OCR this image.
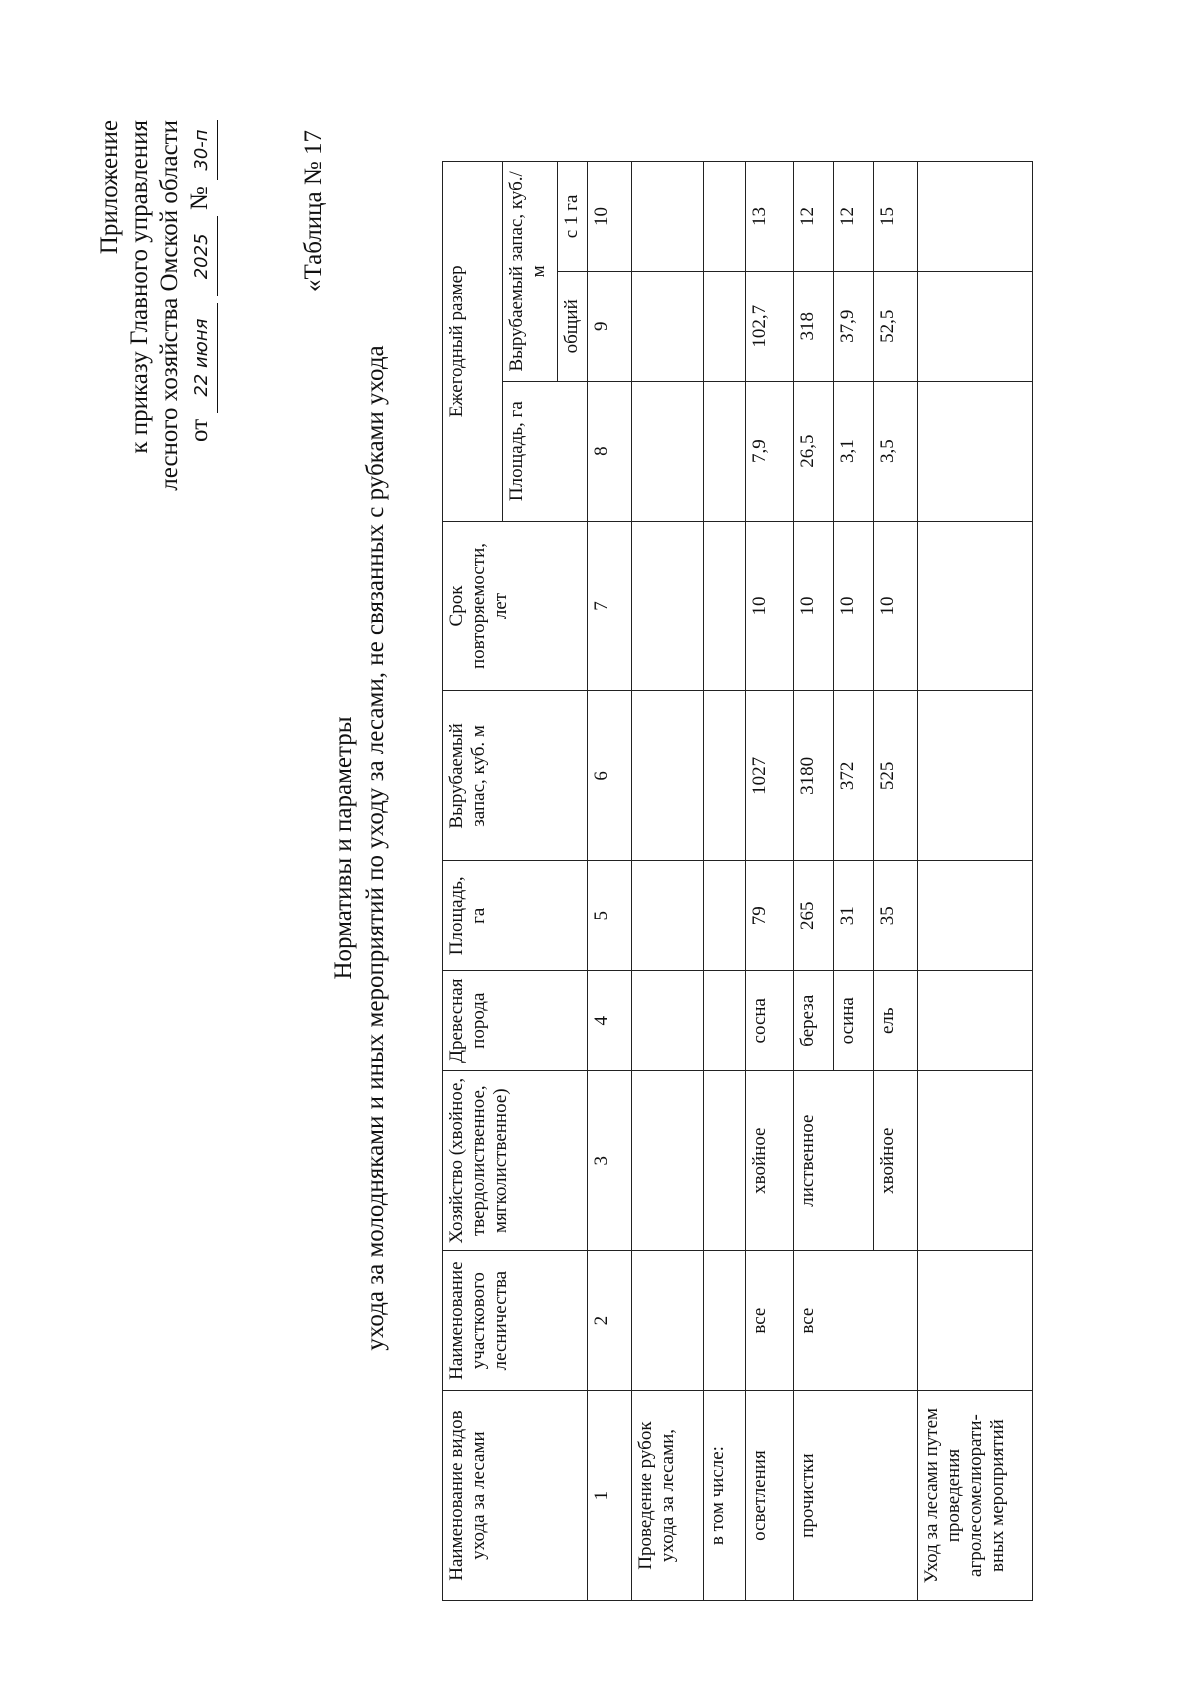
Приложение к приказу Главного управления лесного хозяйства Омской области от 22 июня 2025 № 30-п	«Таблица № 17
Нормативы и параметры ухода за молодняками и иных мероприятий по уходу за лесами, не связанных с рубками ухода
Наименование видов ухода за лесами	Наименование участкового лесничества	Хозяйство (хвойное, твердолиственное, мягколиственное)	Древесная порода	Площадь, га	Вырубаемый запас, куб. м	Срок повторяемости, лет	Ежегодный размер		
							Площадь, га	Вырубаемый запас, куб./м	
								общий	с 1 га
1	2	3	4	5	6	7	8	9	10
Проведение рубок ухода за лесами,									
в том числе:									
осветления	все	хвойное	сосна	79	1027	10	7,9	102,7	13
прочистки	все	лиственное	береза	265	3180	10	26,5	318	12
			осина	31	372	10	3,1	37,9	12
		хвойное	ель	35	525	10	3,5	52,5	15
Уход за лесами путем проведения агролесомелиорати-вных мероприятий									
